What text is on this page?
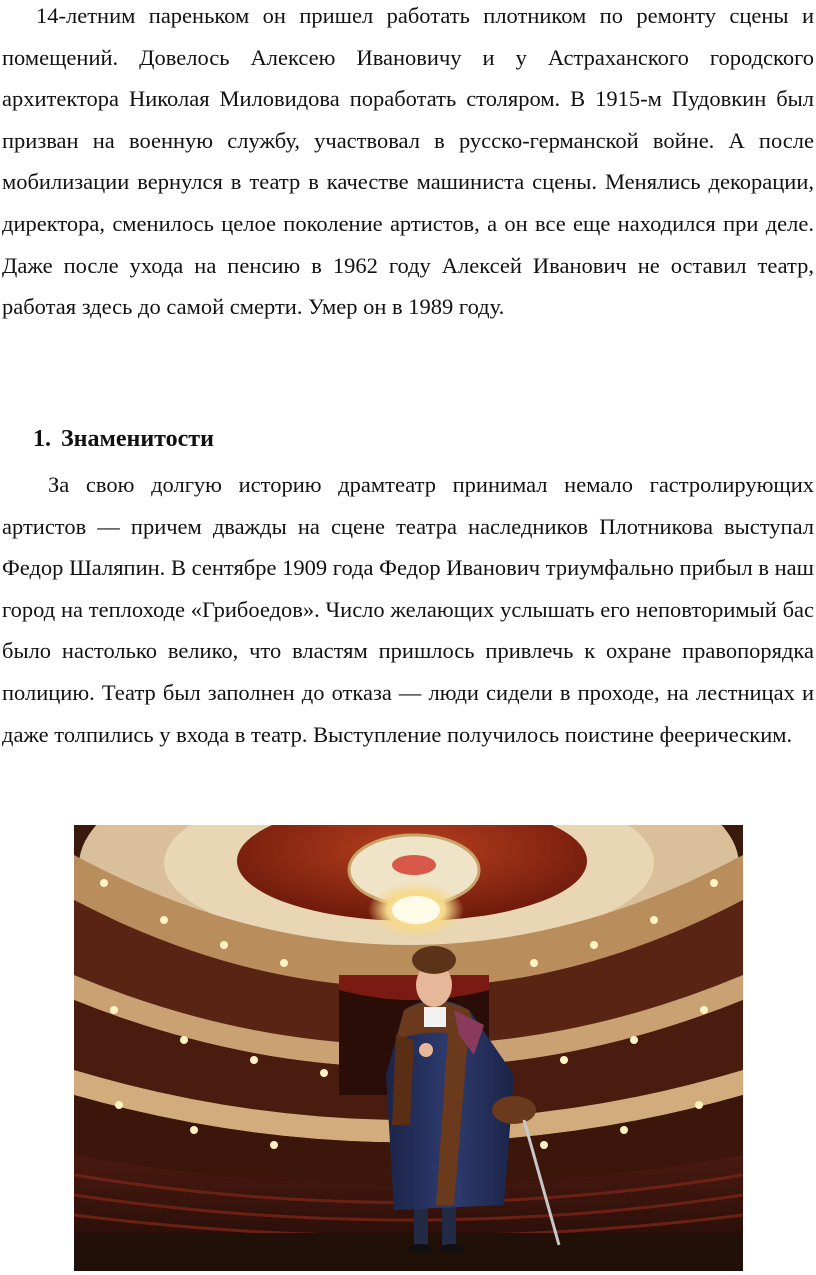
14-летним пареньком он пришел работать плотником по ремонту сцены и помещений. Довелось Алексею Ивановичу и у Астраханского городского архитектора Николая Миловидова поработать столяром. В 1915-м Пудовкин был призван на военную службу, участвовал в русско-германской войне. А после мобилизации вернулся в театр в качестве машиниста сцены. Менялись декорации, директора, сменилось целое поколение артистов, а он все еще находился при деле. Даже после ухода на пенсию в 1962 году Алексей Иванович не оставил театр, работая здесь до самой смерти. Умер он в 1989 году.

1. Знаменитости

За свою долгую историю драмтеатр принимал немало гастролирующих артистов — причем дважды на сцене театра наследников Плотникова выступал Федор Шаляпин. В сентябре 1909 года Федор Иванович триумфально прибыл в наш город на теплоходе «Грибоедов». Число желающих услышать его неповторимый бас было настолько велико, что властям пришлось привлечь к охране правопорядка полицию. Театр был заполнен до отказа — люди сидели в проходе, на лестницах и даже толпились у входа в театр. Выступление получилось поистине феерическим.
